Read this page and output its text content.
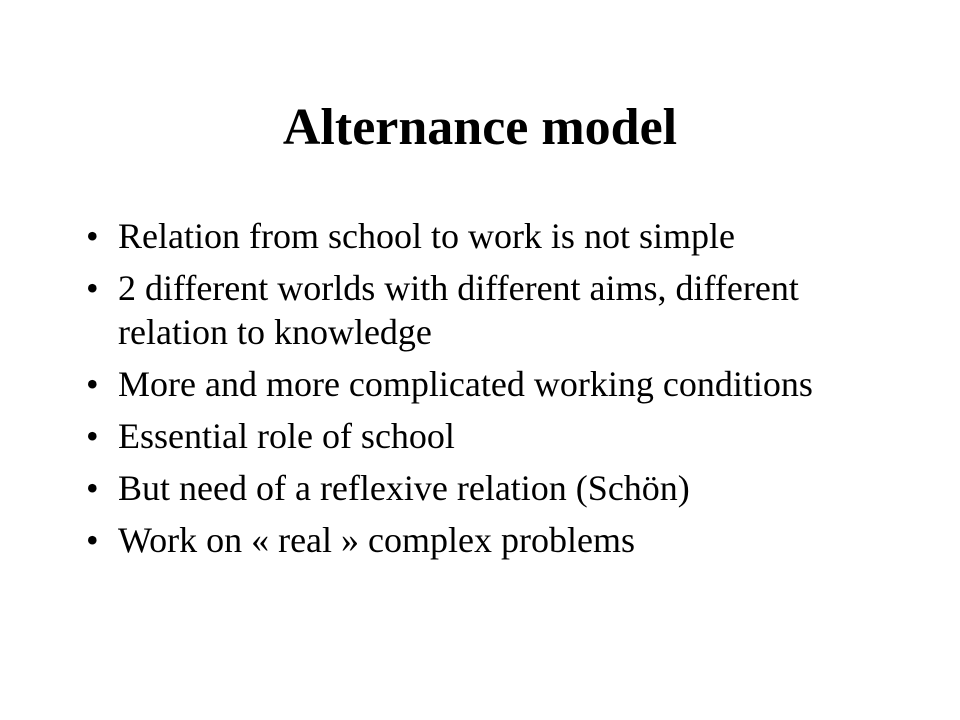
Alternance model
• Relation from school to work is not simple
• 2 different worlds with different aims, different relation to knowledge
• More and more complicated working conditions
• Essential role of school
• But need of a reflexive relation (Schön)
• Work on « real » complex problems
